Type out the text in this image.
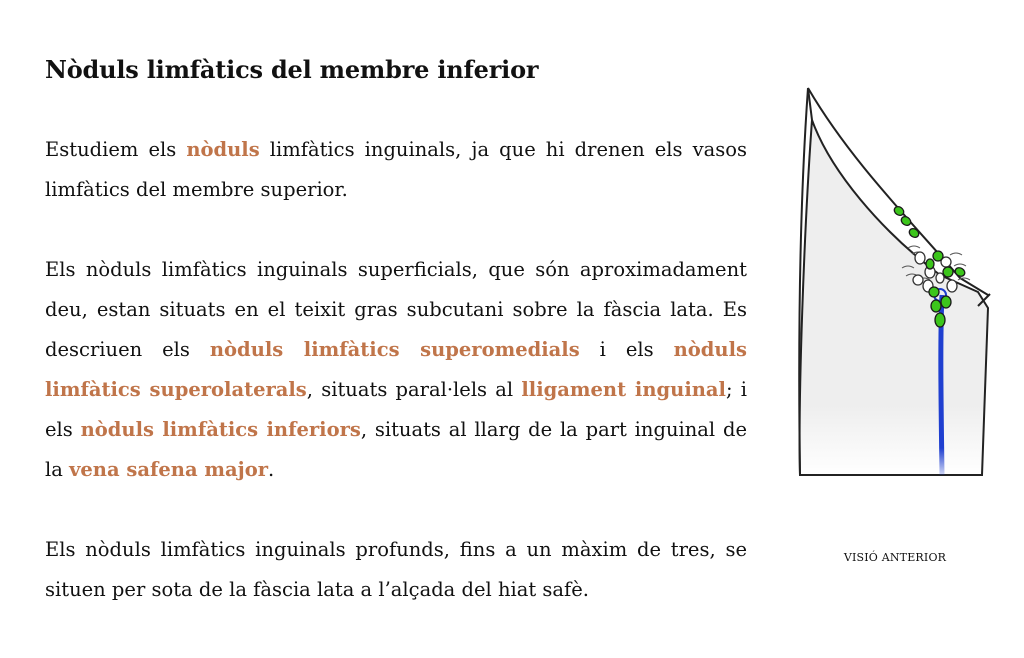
Nòduls limfàtics del membre inferior

Estudiem els nòduls limfàtics inguinals, ja que hi drenen els vasos limfàtics del membre superior.

Els nòduls limfàtics inguinals superficials, que són aproximadament deu, estan situats en el teixit gras subcutani sobre la fàscia lata. Es descriuen els nòduls limfàtics superomedials i els nòduls limfàtics superolaterals, situats paral·lels al lligament inguinal; i els nòduls limfàtics inferiors, situats al llarg de la part inguinal de la vena safena major.

Els nòduls limfàtics inguinals profunds, fins a un màxim de tres, se situen per sota de la fàscia lata a l’alçada del hiat safè.

VISIÓ ANTERIOR
